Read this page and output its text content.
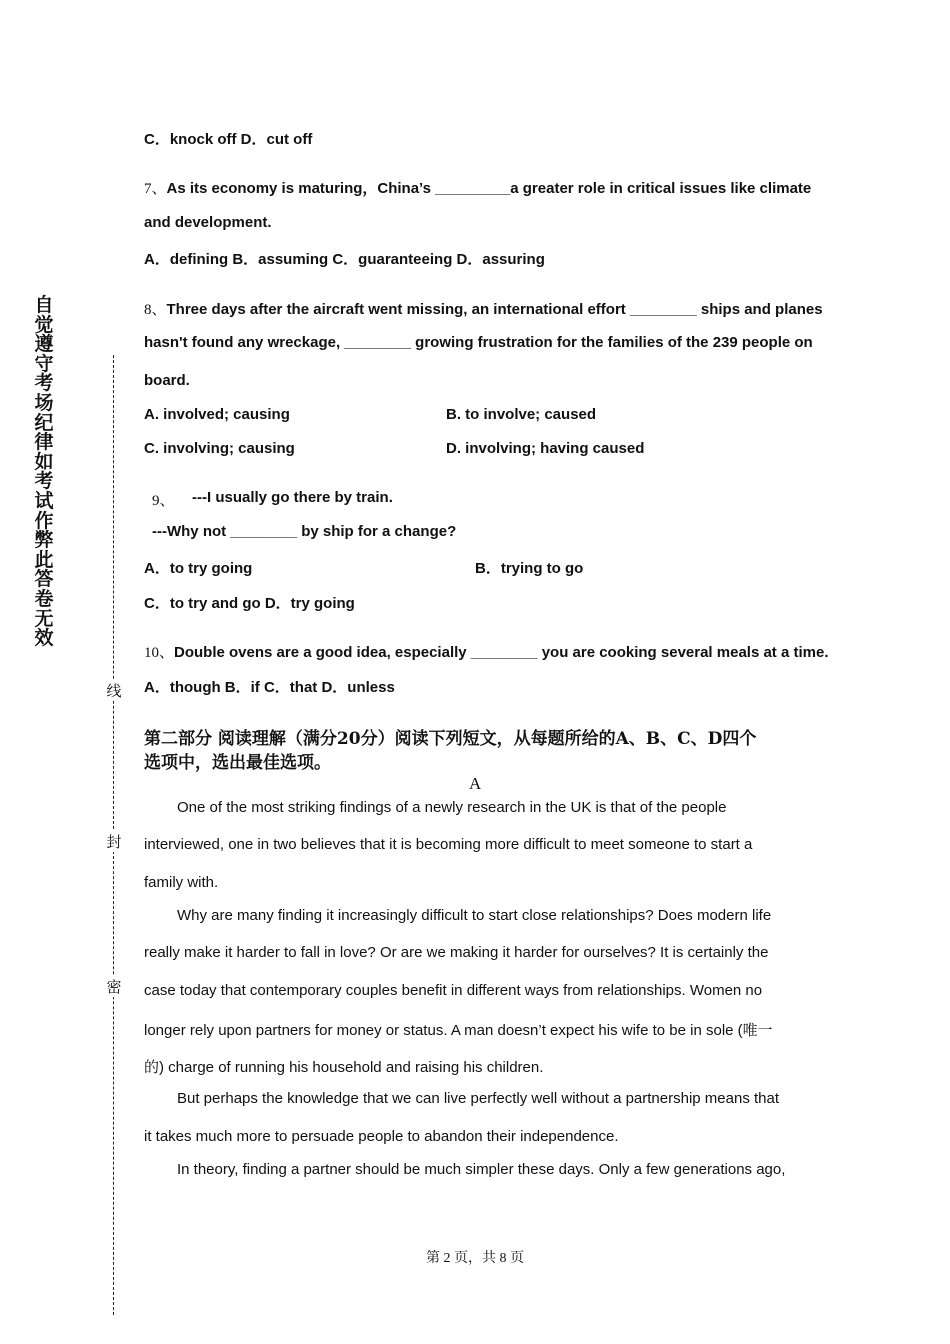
自觉遵守考场纪律如考试作弊此答卷无效
线
封
密
C．knock off D．cut off
7、As its economy is maturing，China’s _________a greater role in critical issues like climate
and development.
A．defining B．assuming C．guaranteeing D．assuring
8、Three days after the aircraft went missing, an international effort ________ ships and planes
hasn't found any wreckage, ________ growing frustration for the families of the 239 people on
board.
A. involved; causing	B. to involve; caused
C. involving; causing	D. involving; having caused
9、 ---I usually go there by train.
---Why not ________ by ship for a change?
A．to try going	B．trying to go
C．to try and go D．try going
10、Double ovens are a good idea, especially ________ you are cooking several meals at a time.
A．though B．if C．that D．unless
第二部分 阅读理解（满分20分）阅读下列短文，从每题所给的A、B、C、D四个
选项中，选出最佳选项。
A
One of the most striking findings of a newly research in the UK is that of the people
interviewed, one in two believes that it is becoming more difficult to meet someone to start a
family with.
Why are many finding it increasingly difficult to start close relationships? Does modern life
really make it harder to fall in love? Or are we making it harder for ourselves? It is certainly the
case today that contemporary couples benefit in different ways from relationships. Women no
longer rely upon partners for money or status. A man doesn’t expect his wife to be in sole (唯一
的) charge of running his household and raising his children.
But perhaps the knowledge that we can live perfectly well without a partnership means that
it takes much more to persuade people to abandon their independence.
In theory, finding a partner should be much simpler these days. Only a few generations ago,
第 2 页，共 8 页
